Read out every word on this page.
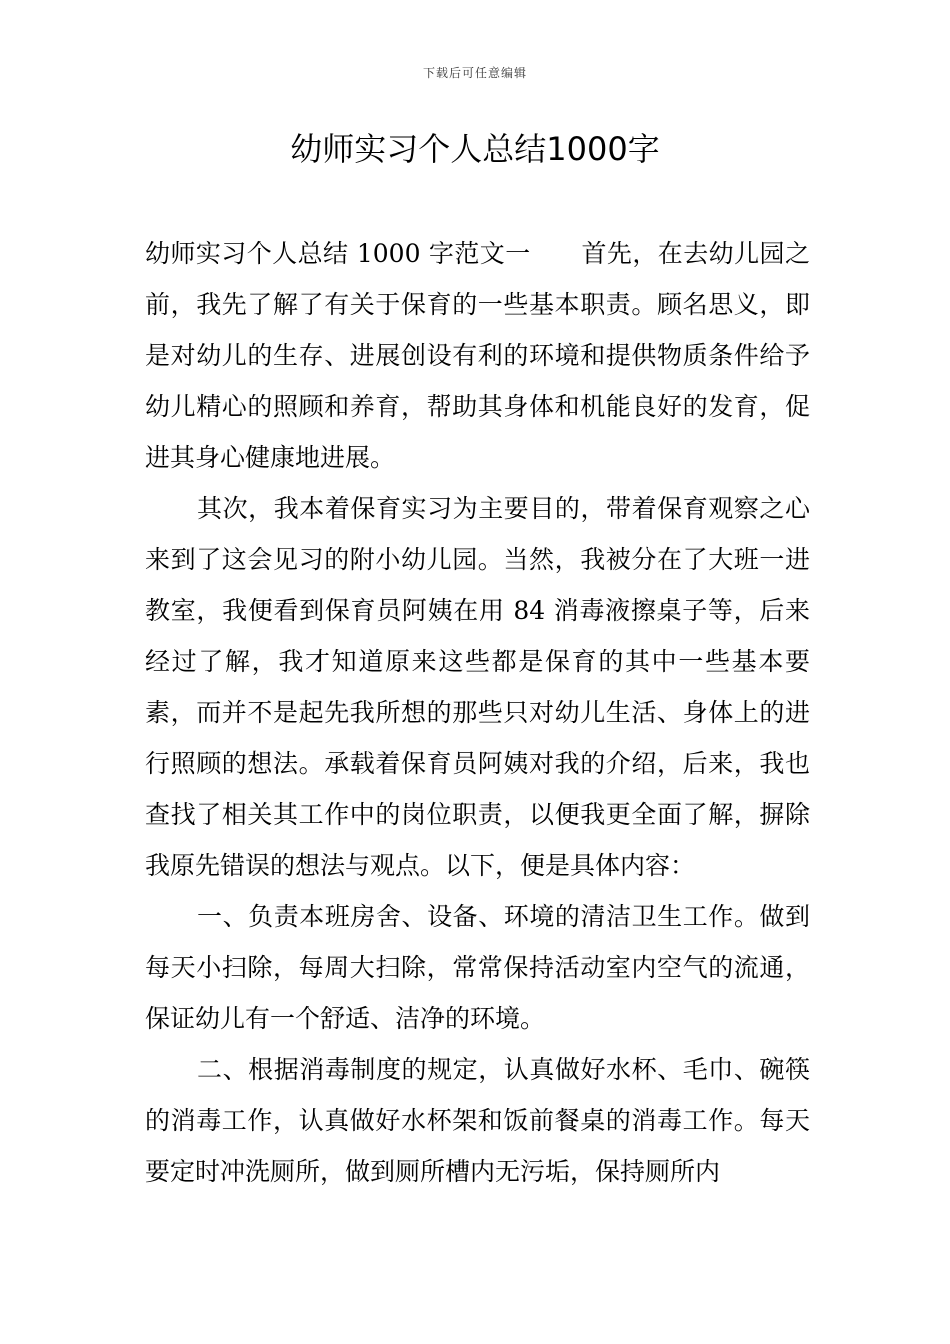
下载后可任意编辑
幼师实习个人总结1000字

幼师实习个人总结 1000 字范文一　　首先，在去幼儿园之前，我先了解了有关于保育的一些基本职责。顾名思义，即是对幼儿的生存、进展创设有利的环境和提供物质条件给予幼儿精心的照顾和养育，帮助其身体和机能良好的发育，促进其身心健康地进展。

其次，我本着保育实习为主要目的，带着保育观察之心来到了这会见习的附小幼儿园。当然，我被分在了大班一进教室，我便看到保育员阿姨在用 84 消毒液擦桌子等，后来经过了解，我才知道原来这些都是保育的其中一些基本要素，而并不是起先我所想的那些只对幼儿生活、身体上的进行照顾的想法。承载着保育员阿姨对我的介绍，后来，我也查找了相关其工作中的岗位职责，以便我更全面了解，摒除我原先错误的想法与观点。以下，便是具体内容：

一、负责本班房舍、设备、环境的清洁卫生工作。做到每天小扫除，每周大扫除，常常保持活动室内空气的流通，保证幼儿有一个舒适、洁净的环境。

二、根据消毒制度的规定，认真做好水杯、毛巾、碗筷的消毒工作，认真做好水杯架和饭前餐桌的消毒工作。每天要定时冲洗厕所，做到厕所槽内无污垢，保持厕所内
